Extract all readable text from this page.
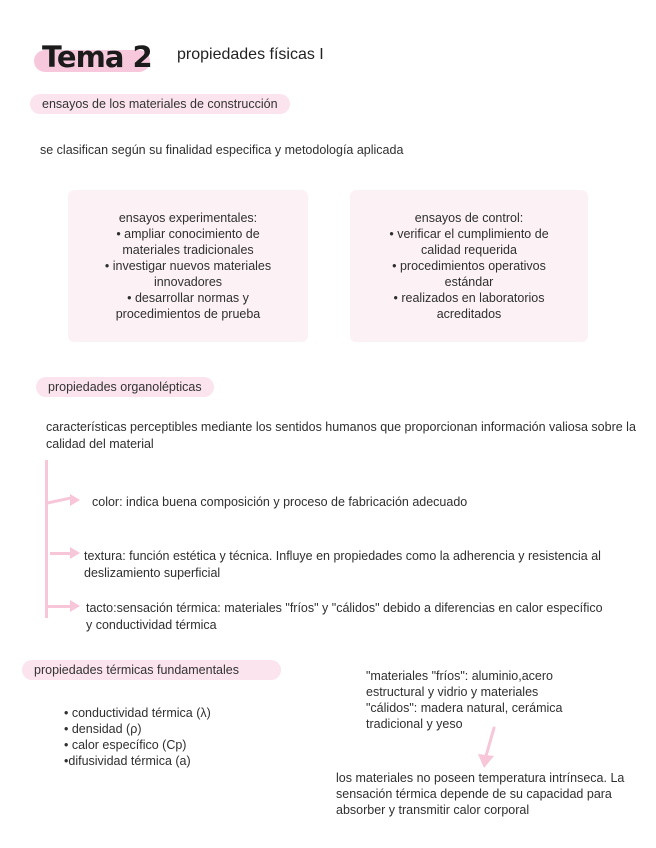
Tema 2 propiedades físicas I
ensayos de los materiales de construcción
se clasifican según su finalidad especifica y metodología aplicada
ensayos experimentales:
• ampliar conocimiento de
materiales tradicionales
• investigar nuevos materiales
innovadores
• desarrollar normas y
procedimientos de prueba
ensayos de control:
• verificar el cumplimiento de
calidad requerida
• procedimientos operativos
estándar
• realizados en laboratorios
acreditados
propiedades organolépticas
características perceptibles mediante los sentidos humanos que proporcionan información valiosa sobre la calidad del material
color: indica buena composición y proceso de fabricación adecuado
textura: función estética y técnica. Influye en propiedades como la adherencia y resistencia al deslizamiento superficial
tacto:sensación térmica: materiales "fríos" y "cálidos" debido a diferencias en calor específico y conductividad térmica
propiedades térmicas fundamentales
• conductividad térmica (λ)
• densidad (ρ)
• calor específico (Cp)
•difusividad térmica (a)
"materiales "fríos": aluminio,acero estructural y vidrio y materiales
"cálidos": madera natural, cerámica tradicional y yeso
los materiales no poseen temperatura intrínseca. La sensación térmica depende de su capacidad para absorber y transmitir calor corporal
